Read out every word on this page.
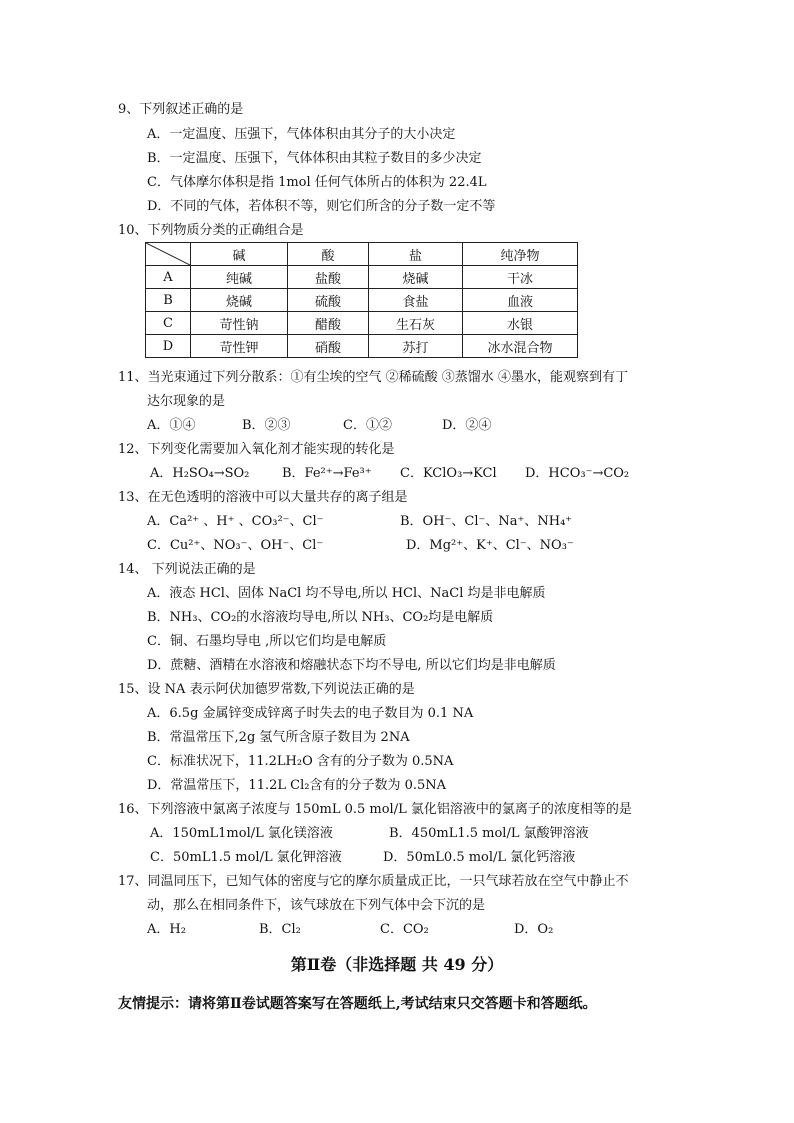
9、下列叙述正确的是
A．一定温度、压强下，气体体积由其分子的大小决定
B．一定温度、压强下，气体体积由其粒子数目的多少决定
C．气体摩尔体积是指 1mol 任何气体所占的体积为 22.4L
D．不同的气体，若体积不等，则它们所含的分子数一定不等
10、下列物质分类的正确组合是
	碱	酸	盐	纯净物
A	纯碱	盐酸	烧碱	干冰
B	烧碱	硫酸	食盐	血液
C	苛性钠	醋酸	生石灰	水银
D	苛性钾	硝酸	苏打	冰水混合物
11、当光束通过下列分散系：①有尘埃的空气 ②稀硫酸 ③蒸馏水 ④墨水，能观察到有丁
达尔现象的是
A．①④	B．②③	C．①②	D．②④
12、下列变化需要加入氧化剂才能实现的转化是
A．H₂SO₄→SO₂	B．Fe²⁺→Fe³⁺ C．KClO₃→KCl D．HCO₃⁻→CO₂
13、在无色透明的溶液中可以大量共存的离子组是
A．Ca²⁺ 、H⁺ 、CO₃²⁻、Cl⁻	B．OH⁻、Cl⁻、Na⁺、NH₄⁺
C．Cu²⁺、NO₃⁻、OH⁻、Cl⁻	D．Mg²⁺、K⁺、Cl⁻、NO₃⁻
14、 下列说法正确的是
A．液态 HCl、固体 NaCl 均不导电,所以 HCl、NaCl 均是非电解质
B．NH₃、CO₂的水溶液均导电,所以 NH₃、CO₂均是电解质
C．铜、石墨均导电 ,所以它们均是电解质
D．蔗糖、酒精在水溶液和熔融状态下均不导电, 所以它们均是非电解质
15、设 NA 表示阿伏加德罗常数,下列说法正确的是
A．6.5g 金属锌变成锌离子时失去的电子数目为 0.1 NA
B．常温常压下,2g 氢气所含原子数目为 2NA
C．标准状况下，11.2LH₂O 含有的分子数为 0.5NA
D．常温常压下，11.2L Cl₂含有的分子数为 0.5NA
16、下列溶液中氯离子浓度与 150mL 0.5 mol/L 氯化铝溶液中的氯离子的浓度相等的是
A．150mL1mol/L 氯化镁溶液	B．450mL1.5 mol/L 氯酸钾溶液
C．50mL1.5 mol/L 氯化钾溶液	D．50mL0.5 mol/L 氯化钙溶液
17、同温同压下，已知气体的密度与它的摩尔质量成正比，一只气球若放在空气中静止不
动，那么在相同条件下，该气球放在下列气体中会下沉的是
A．H₂	B．Cl₂	C．CO₂	D．O₂
第Ⅱ卷（非选择题 共 49 分）
友情提示：请将第Ⅱ卷试题答案写在答题纸上,考试结束只交答题卡和答题纸。
